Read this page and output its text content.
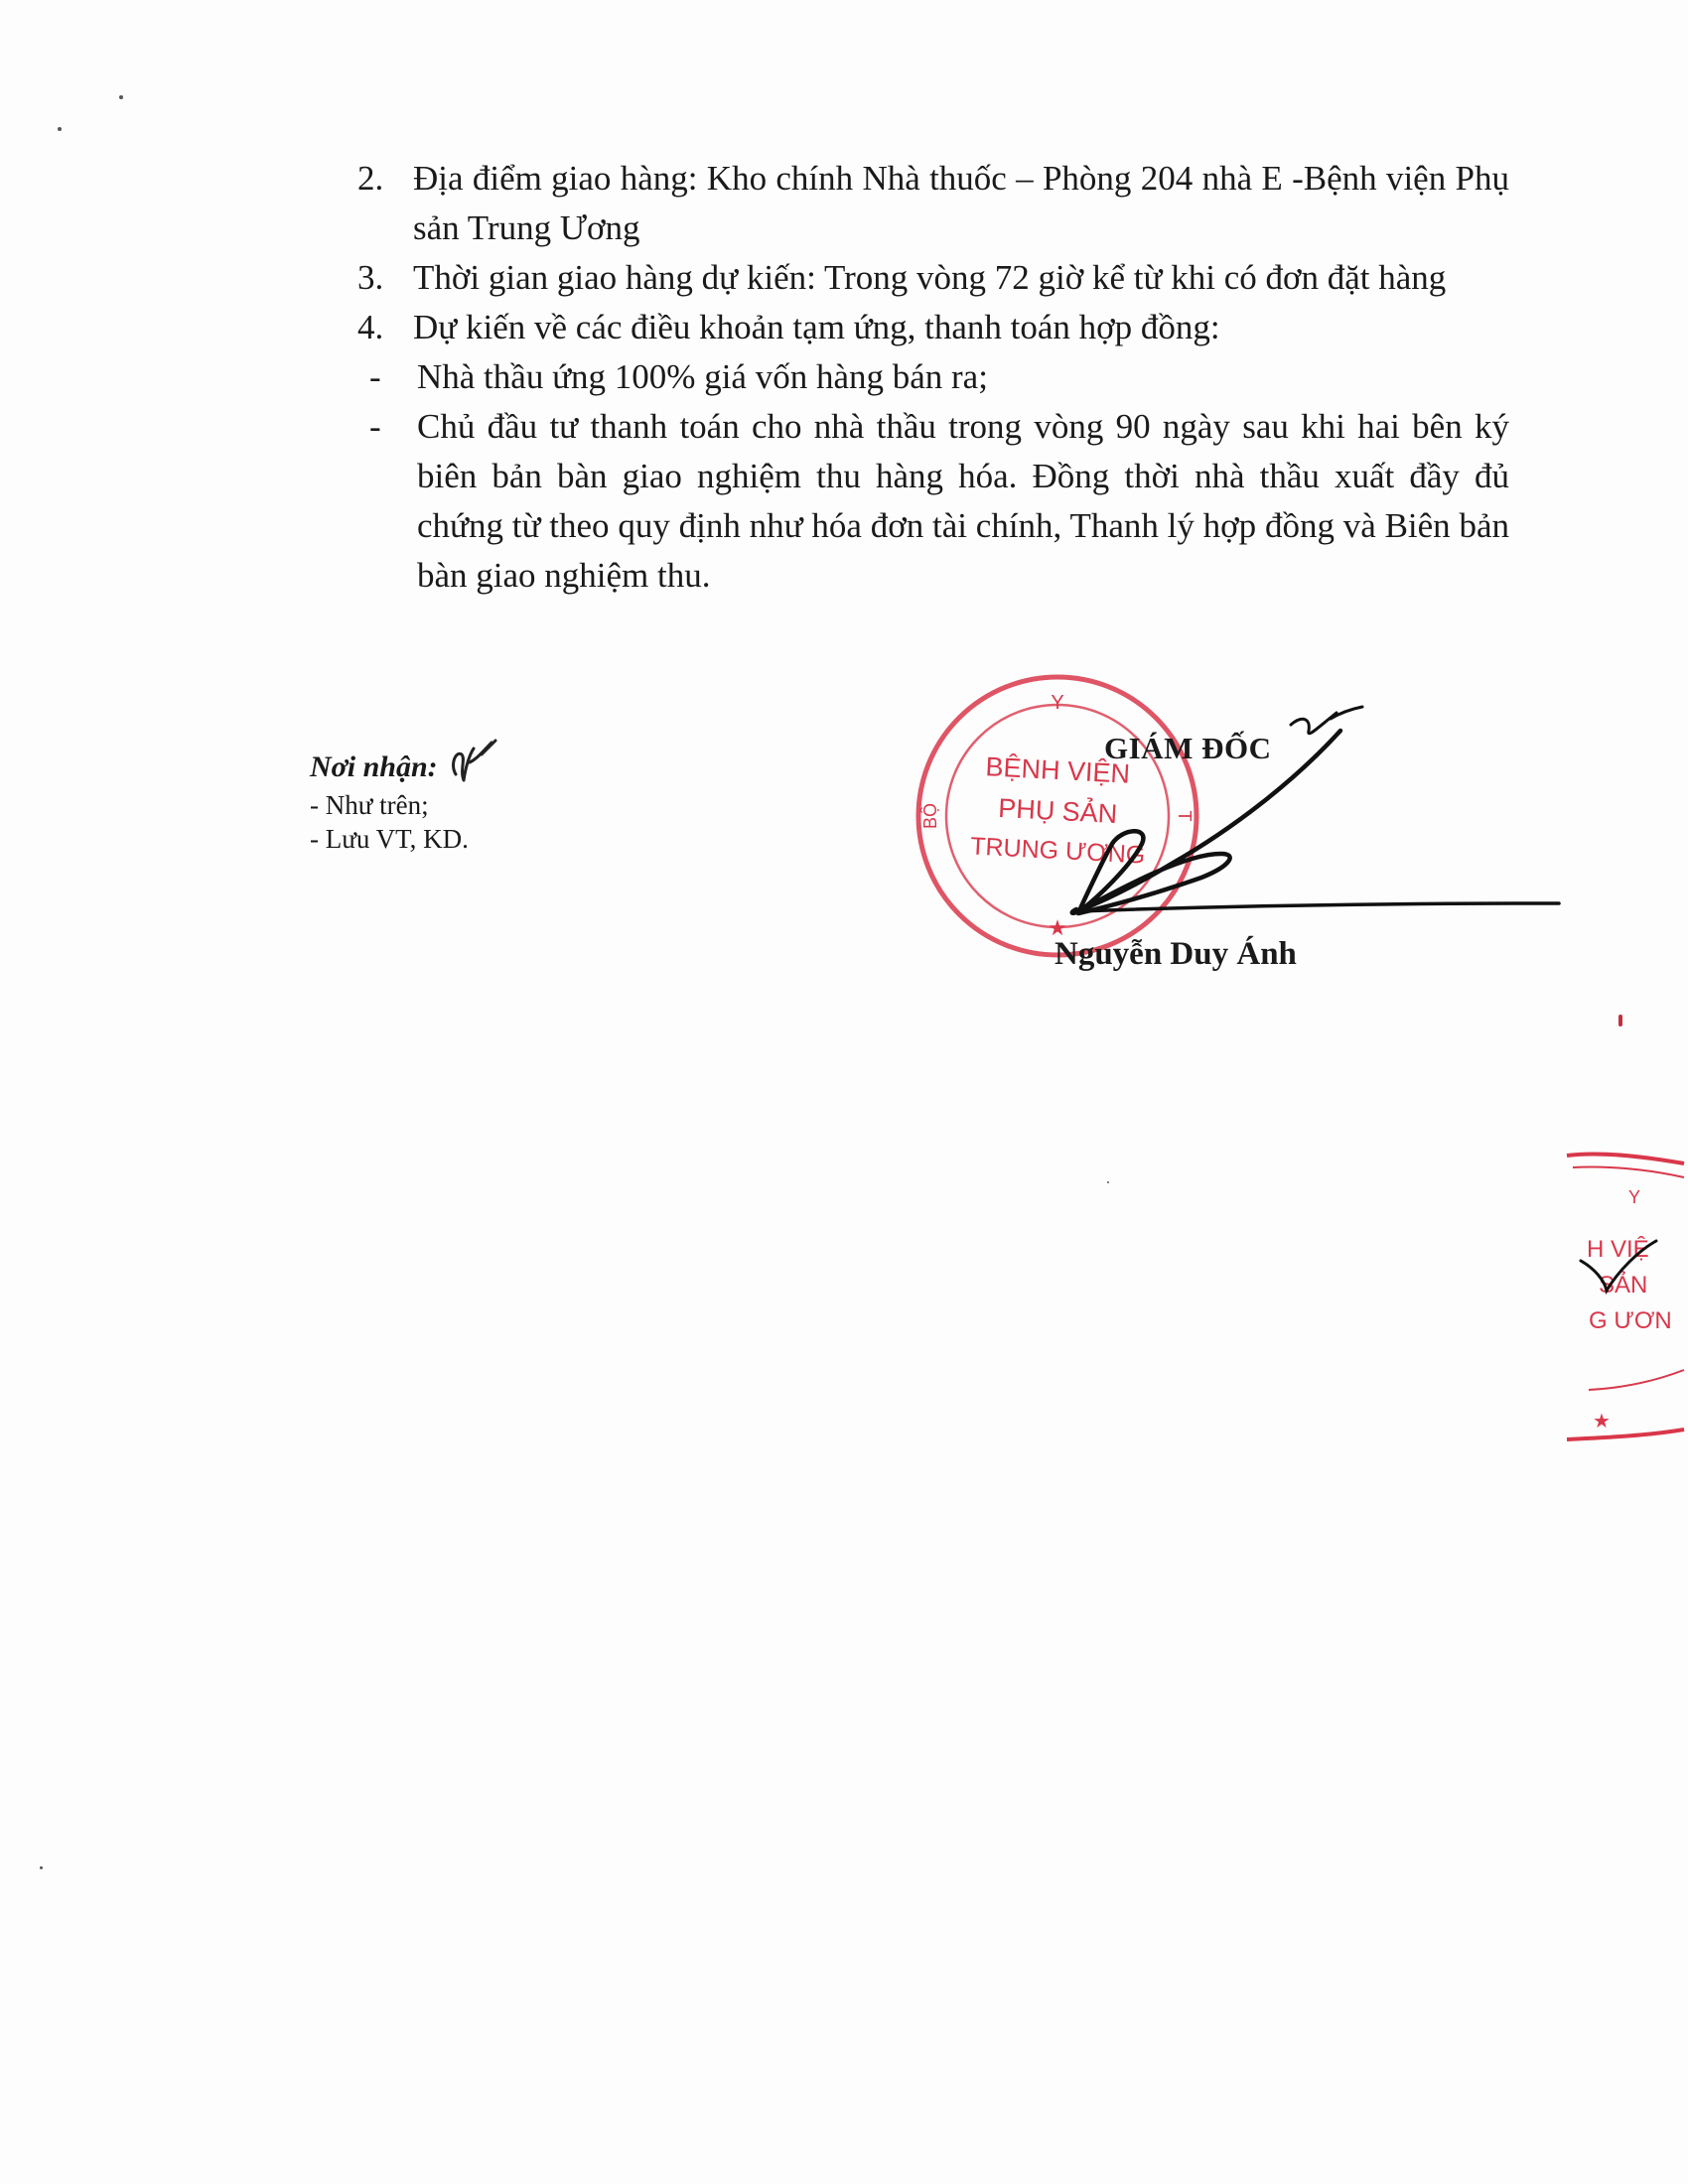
2. Địa điểm giao hàng: Kho chính Nhà thuốc – Phòng 204 nhà E -Bệnh viện Phụ sản Trung Ương

3. Thời gian giao hàng dự kiến: Trong vòng 72 giờ kể từ khi có đơn đặt hàng

4. Dự kiến về các điều khoản tạm ứng, thanh toán hợp đồng:

- Nhà thầu ứng 100% giá vốn hàng bán ra;

- Chủ đầu tư thanh toán cho nhà thầu trong vòng 90 ngày sau khi hai bên ký biên bản bàn giao nghiệm thu hàng hóa. Đồng thời nhà thầu xuất đầy đủ chứng từ theo quy định như hóa đơn tài chính, Thanh lý hợp đồng và Biên bản bàn giao nghiệm thu.

Nơi nhận:
- Như trên;
- Lưu VT, KD.
Y
★
BỆNH VIỆN
PHỤ SẢN
TRUNG ƯƠNG
BỘ	T
GIÁM ĐỐC
Nguyễn Duy Ánh
Y
H VIỆ
SẢN
G ƯƠN
★
